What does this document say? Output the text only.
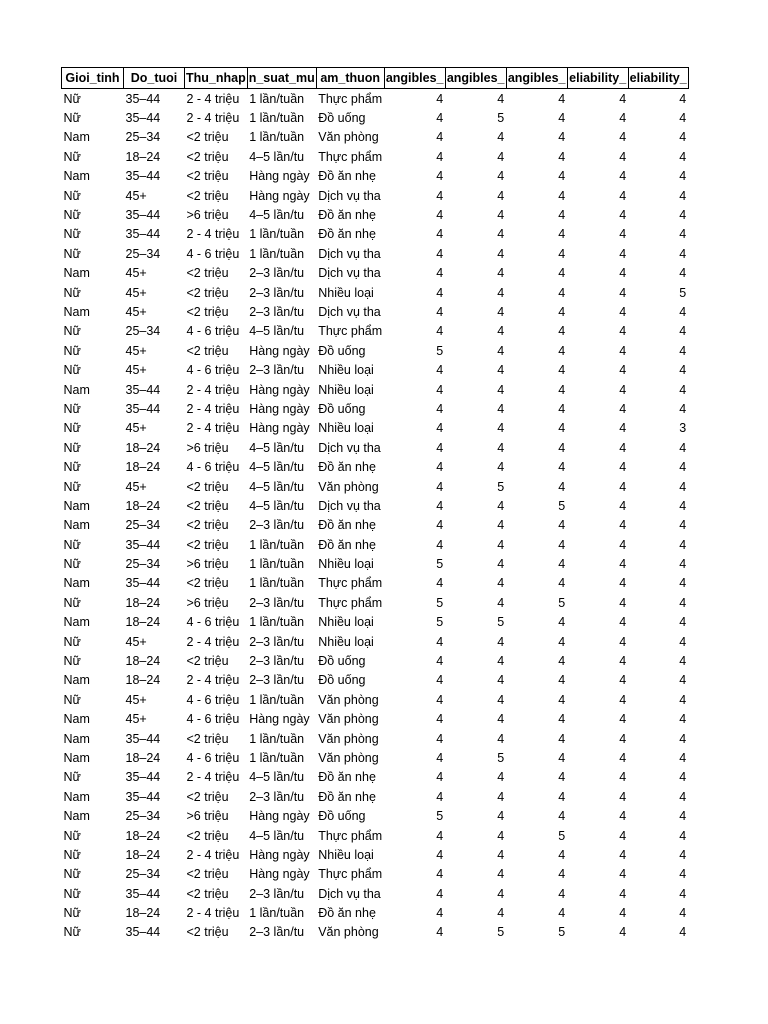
Gioi_tinh	Do_tuoi	Thu_nhap	n_suat_mu	am_thuon	angibles_	angibles_	angibles_	eliability_	eliability_
Nữ	35–44	2 - 4 triệu	1 lần/tuần	Thực phẩm	4	4	4	4	4
Nữ	35–44	2 - 4 triệu	1 lần/tuần	Đồ uống	4	5	4	4	4
Nam	25–34	<2 triệu	1 lần/tuần	Văn phòng	4	4	4	4	4
Nữ	18–24	<2 triệu	4–5 lần/tu	Thực phẩm	4	4	4	4	4
Nam	35–44	<2 triệu	Hàng ngày	Đồ ăn nhẹ	4	4	4	4	4
Nữ	45+	<2 triệu	Hàng ngày	Dịch vụ tha	4	4	4	4	4
Nữ	35–44	>6 triệu	4–5 lần/tu	Đồ ăn nhẹ	4	4	4	4	4
Nữ	35–44	2 - 4 triệu	1 lần/tuần	Đồ ăn nhẹ	4	4	4	4	4
Nữ	25–34	4 - 6 triệu	1 lần/tuần	Dịch vụ tha	4	4	4	4	4
Nam	45+	<2 triệu	2–3 lần/tu	Dịch vụ tha	4	4	4	4	4
Nữ	45+	<2 triệu	2–3 lần/tu	Nhiều loại	4	4	4	4	5
Nam	45+	<2 triệu	2–3 lần/tu	Dịch vụ tha	4	4	4	4	4
Nữ	25–34	4 - 6 triệu	4–5 lần/tu	Thực phẩm	4	4	4	4	4
Nữ	45+	<2 triệu	Hàng ngày	Đồ uống	5	4	4	4	4
Nữ	45+	4 - 6 triệu	2–3 lần/tu	Nhiều loại	4	4	4	4	4
Nam	35–44	2 - 4 triệu	Hàng ngày	Nhiều loại	4	4	4	4	4
Nữ	35–44	2 - 4 triệu	Hàng ngày	Đồ uống	4	4	4	4	4
Nữ	45+	2 - 4 triệu	Hàng ngày	Nhiều loại	4	4	4	4	3
Nữ	18–24	>6 triệu	4–5 lần/tu	Dịch vụ tha	4	4	4	4	4
Nữ	18–24	4 - 6 triệu	4–5 lần/tu	Đồ ăn nhẹ	4	4	4	4	4
Nữ	45+	<2 triệu	4–5 lần/tu	Văn phòng	4	5	4	4	4
Nam	18–24	<2 triệu	4–5 lần/tu	Dịch vụ tha	4	4	5	4	4
Nam	25–34	<2 triệu	2–3 lần/tu	Đồ ăn nhẹ	4	4	4	4	4
Nữ	35–44	<2 triệu	1 lần/tuần	Đồ ăn nhẹ	4	4	4	4	4
Nữ	25–34	>6 triệu	1 lần/tuần	Nhiều loại	5	4	4	4	4
Nam	35–44	<2 triệu	1 lần/tuần	Thực phẩm	4	4	4	4	4
Nữ	18–24	>6 triệu	2–3 lần/tu	Thực phẩm	5	4	5	4	4
Nam	18–24	4 - 6 triệu	1 lần/tuần	Nhiều loại	5	5	4	4	4
Nữ	45+	2 - 4 triệu	2–3 lần/tu	Nhiều loại	4	4	4	4	4
Nữ	18–24	<2 triệu	2–3 lần/tu	Đồ uống	4	4	4	4	4
Nam	18–24	2 - 4 triệu	2–3 lần/tu	Đồ uống	4	4	4	4	4
Nữ	45+	4 - 6 triệu	1 lần/tuần	Văn phòng	4	4	4	4	4
Nam	45+	4 - 6 triệu	Hàng ngày	Văn phòng	4	4	4	4	4
Nam	35–44	<2 triệu	1 lần/tuần	Văn phòng	4	4	4	4	4
Nam	18–24	4 - 6 triệu	1 lần/tuần	Văn phòng	4	5	4	4	4
Nữ	35–44	2 - 4 triệu	4–5 lần/tu	Đồ ăn nhẹ	4	4	4	4	4
Nam	35–44	<2 triệu	2–3 lần/tu	Đồ ăn nhẹ	4	4	4	4	4
Nam	25–34	>6 triệu	Hàng ngày	Đồ uống	5	4	4	4	4
Nữ	18–24	<2 triệu	4–5 lần/tu	Thực phẩm	4	4	5	4	4
Nữ	18–24	2 - 4 triệu	Hàng ngày	Nhiều loại	4	4	4	4	4
Nữ	25–34	<2 triệu	Hàng ngày	Thực phẩm	4	4	4	4	4
Nữ	35–44	<2 triệu	2–3 lần/tu	Dịch vụ tha	4	4	4	4	4
Nữ	18–24	2 - 4 triệu	1 lần/tuần	Đồ ăn nhẹ	4	4	4	4	4
Nữ	35–44	<2 triệu	2–3 lần/tu	Văn phòng	4	5	5	4	4
